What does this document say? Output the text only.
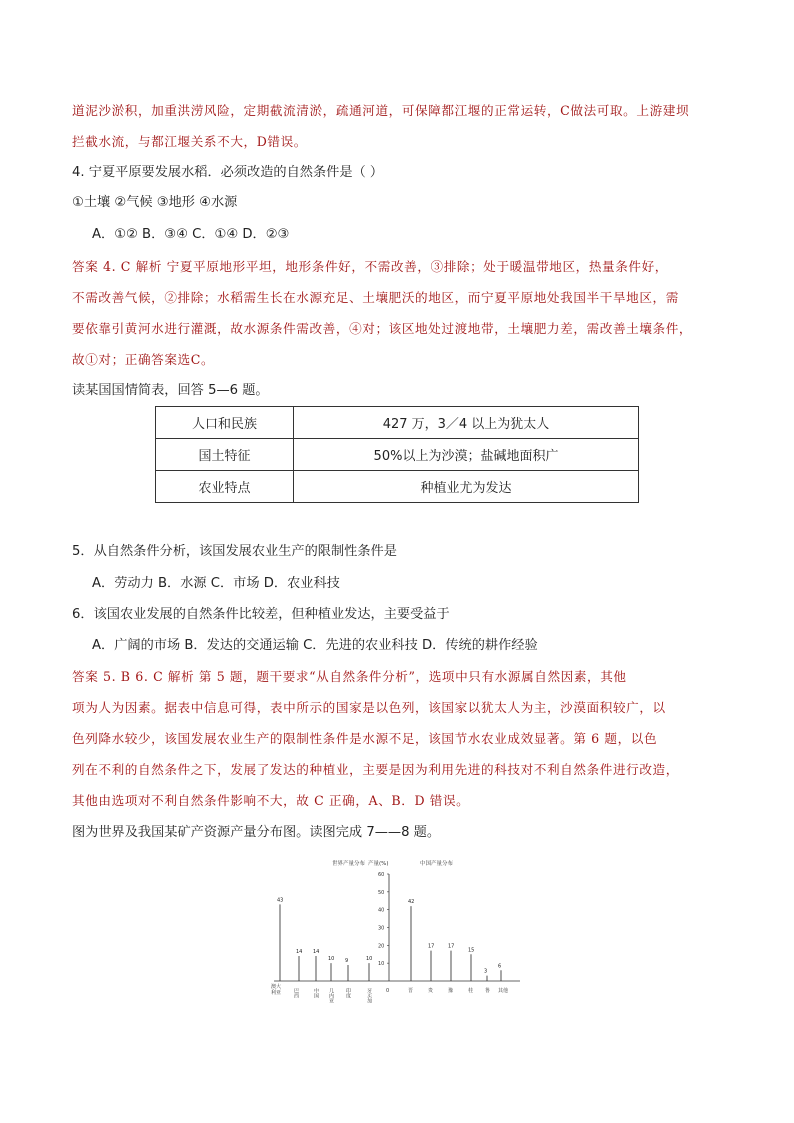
道泥沙淤积，加重洪涝风险，定期截流清淤，疏通河道，可保障都江堰的正常运转，C做法可取。上游建坝
拦截水流，与都江堰关系不大，D错误。
4. 宁夏平原要发展水稻．必须改造的自然条件是（ ）
①土壤 ②气候 ③地形 ④水源
A．①② B．③④ C．①④ D．②③
答案 4. C 解析 宁夏平原地形平坦，地形条件好，不需改善，③排除；处于暖温带地区，热量条件好，
不需改善气候，②排除；水稻需生长在水源充足、土壤肥沃的地区，而宁夏平原地处我国半干旱地区，需
要依靠引黄河水进行灌溉，故水源条件需改善，④对；该区地处过渡地带，土壤肥力差，需改善土壤条件，
故①对；正确答案选C。
读某国国情简表，回答 5—6 题。
人口和民族	427 万，3／4 以上为犹太人
国土特征	50%以上为沙漠；盐碱地面积广
农业特点	种植业尤为发达
5．从自然条件分析，该国发展农业生产的限制性条件是
A．劳动力 B．水源 C．市场 D．农业科技
6．该国农业发展的自然条件比较差，但种植业发达，主要受益于
A．广阔的市场 B．发达的交通运输 C．先进的农业科技 D．传统的耕作经验
答案 5. B 6. C 解析 第 5 题，题干要求“从自然条件分析”，选项中只有水源属自然因素，其他
项为人为因素。据表中信息可得，表中所示的国家是以色列，该国家以犹太人为主，沙漠面积较广，以
色列降水较少，该国发展农业生产的限制性条件是水源不足，该国节水农业成效显著。第 6 题，以色
列在不利的自然条件之下，发展了发达的种植业，主要是因为利用先进的科技对不利自然条件进行改造，
其他由选项对不利自然条件影响不大，故 C 正确，A、B．D 错误。
图为世界及我国某矿产资源产量分布图。读图完成 7——8 题。
世界产量分布	中国产量分布
产量(%)
60
50
40
30
20
10
43
14 14
10 9	10
42
17	17
15
3
6
澳大
利亚 巴西	中国 几内亚 印度	牙买加	0	晋	贵	豫	桂 鲁 其他
